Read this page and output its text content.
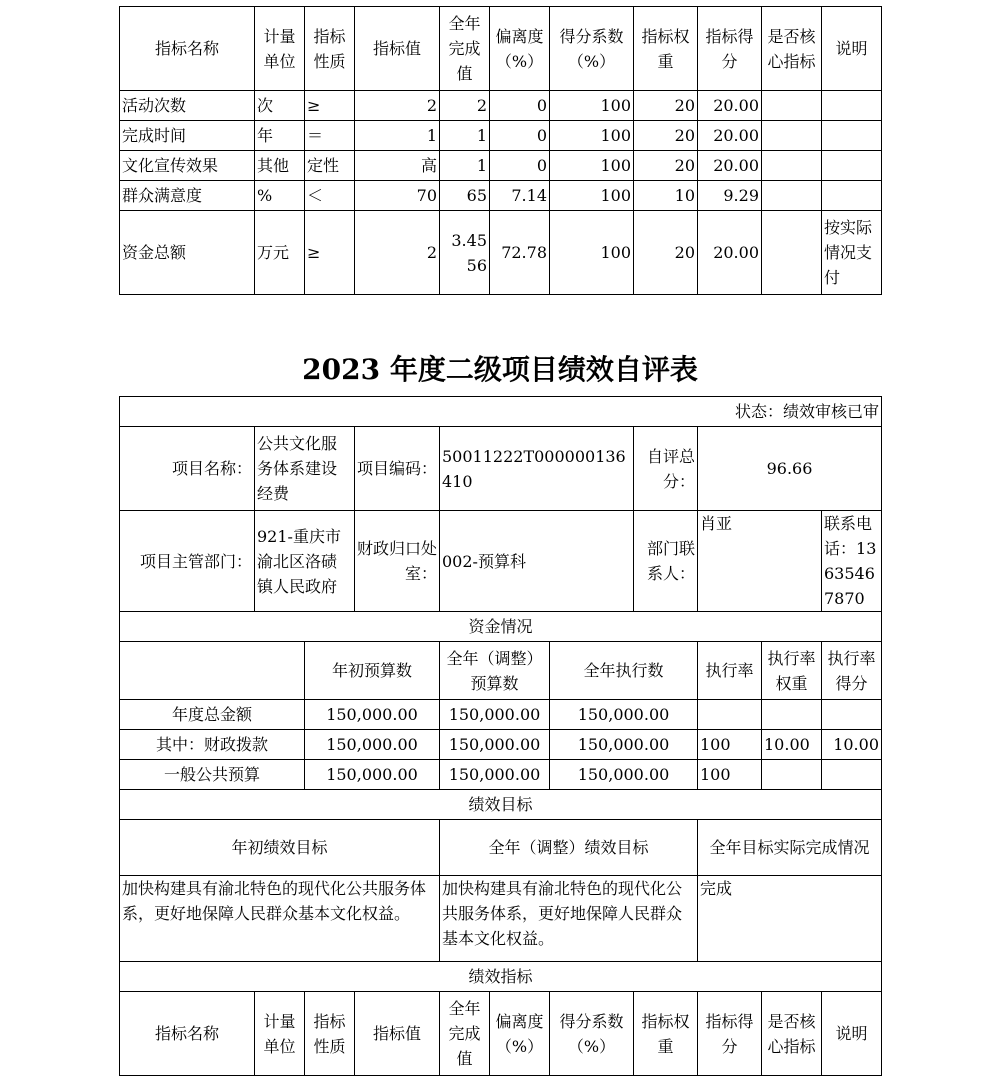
指标名称	计量单位	指标性质	指标值	全年完成值	偏离度（%）	得分系数（%）	指标权重	指标得分	是否核心指标	说明
活动次数	次	≥	2	2	0	100	20	20.00		
完成时间	年	＝	1	1	0	100	20	20.00		
文化宣传效果	其他	定性	高	1	0	100	20	20.00		
群众满意度	%	＜	70	65	7.14	100	10	9.29		
资金总额	万元	≥	2	3.4556	72.78	100	20	20.00		按实际情况支付
2023 年度二级项目绩效自评表
状态：绩效审核已审										
项目名称：	公共文化服务体系建设经费		项目编码：	50011222T000000136410			自评总分：	96.66		
项目主管部门：	921-重庆市渝北区洛碛镇人民政府		财政归口处室：	002-预算科			部门联系人：	肖亚		联系电话：13635467870
资金情况										
		年初预算数		全年（调整）预算数		全年执行数		执行率	执行率权重	执行率得分
年度总金额		150,000.00		150,000.00		150,000.00				
其中：财政拨款		150,000.00		150,000.00		150,000.00		100	10.00	10.00
一般公共预算		150,000.00		150,000.00		150,000.00		100		
绩效目标										
年初绩效目标				全年（调整）绩效目标				全年目标实际完成情况		
加快构建具有渝北特色的现代化公共服务体系，更好地保障人民群众基本文化权益。				加快构建具有渝北特色的现代化公共服务体系，更好地保障人民群众基本文化权益。				完成		
绩效指标										
指标名称	计量单位	指标性质	指标值	全年完成值	偏离度（%）	得分系数（%）	指标权重	指标得分	是否核心指标	说明
